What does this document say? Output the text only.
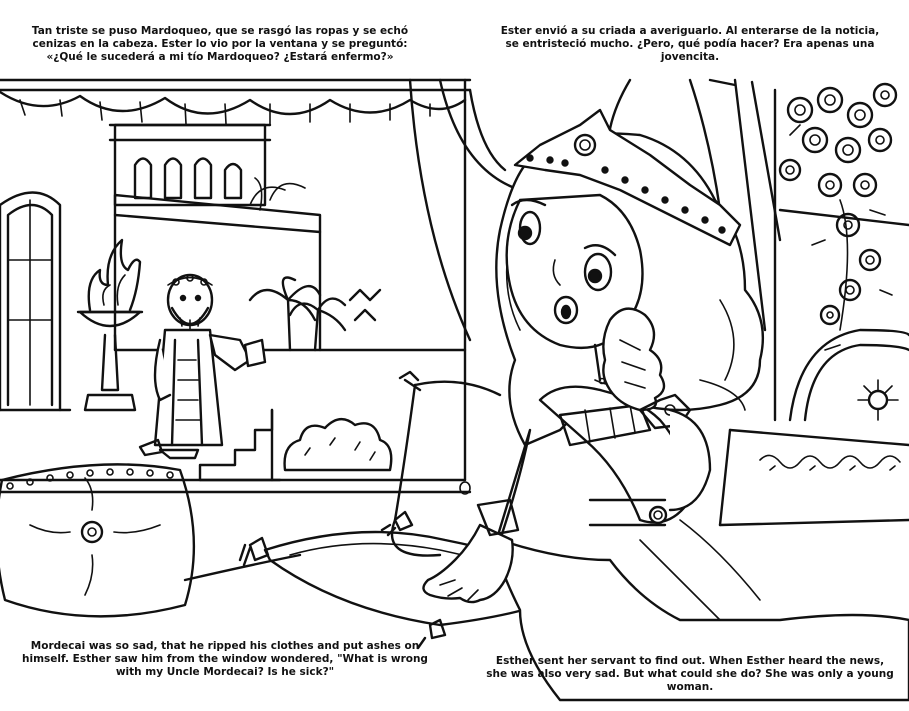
Tan triste se puso Mardoqueo, que se rasgó las ropas y se echó cenizas en la cabeza. Ester lo vio por la ventana y se preguntó: «¿Qué le sucederá a mi tío Mardoqueo? ¿Estará enfermo?»
Ester envió a su criada a averiguarlo. Al enterarse de la noticia, se entristeció mucho. ¿Pero, qué podía hacer? Era apenas una jovencita.
Mordecai was so sad, that he ripped his clothes and put ashes on himself. Esther saw him from the window wondered, "What is wrong with my Uncle Mordecai? Is he sick?"
Esther sent her servant to find out. When Esther heard the news, she was also very sad. But what could she do? She was only a young woman.
